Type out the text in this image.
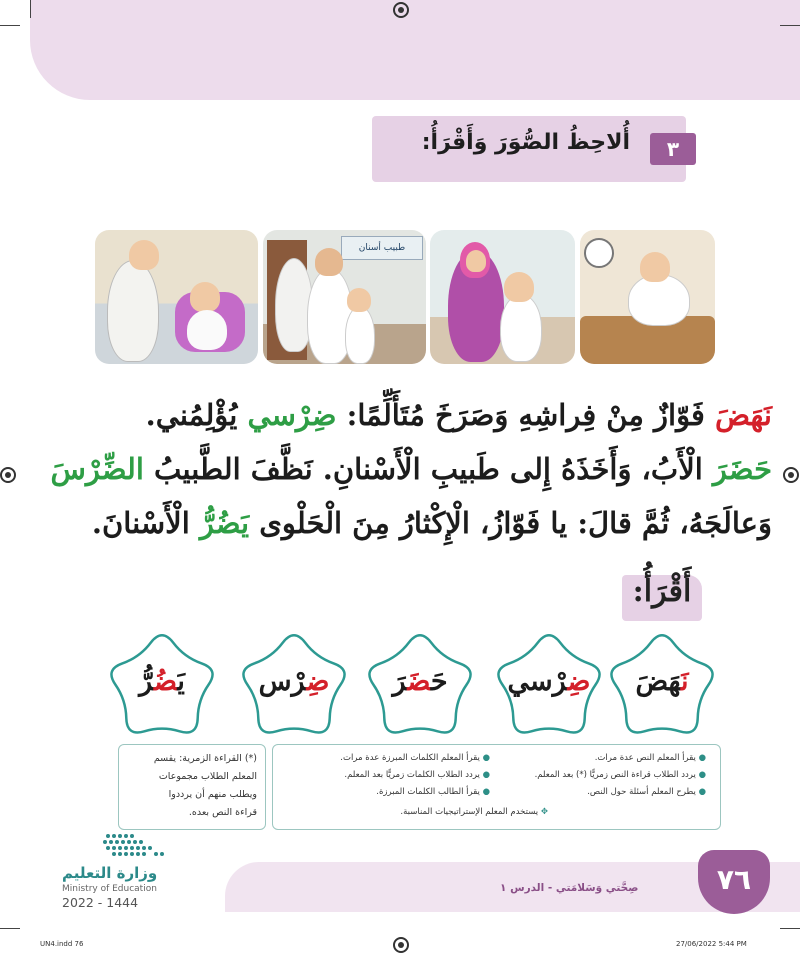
٣
أُلاحِظُ الصُّوَرَ وَأَقْرَأُ:
طبيب أسنان
نَهَضَ فَوّازٌ مِنْ فِراشِهِ وَصَرَخَ مُتَأَلِّمًا: ضِرْسي يُؤْلِمُني.
حَضَرَ الْأَبُ، وَأَخَذَهُ إِلى طَبيبِ الْأَسْنانِ. نَظَّفَ الطَّبيبُ الضِّرْسَ
وَعالَجَهُ، ثُمَّ قالَ: يا فَوّازُ، الْإِكْثارُ مِنَ الْحَلْوى يَضُرُّ الْأَسْنانَ.
أَقْرَأُ:
نَهَضَ
ضِرْسي
حَضَرَ
ضِرْس
يَضُرُّ
● يقرأ المعلم النص عدة مرات.
● يردد الطلاب قراءة النص زمريًّا (*) بعد المعلم.
● يطرح المعلم أسئلة حول النص.
● يقرأ المعلم الكلمات المبرزة عدة مرات.
● يردد الطلاب الكلمات زمريًّا بعد المعلم.
● يقرأ الطالب الكلمات المبرزة.
✥ يستخدم المعلم الإستراتيجيات المناسبة.
(*) القراءة الزمرية: يقسم
المعلم الطلاب مجموعات
ويطلب منهم أن يرددوا
قراءة النص بعده.
٧٦
صِحَّتي وَسَلامَتي - الدرس ١
وزارة التعليم
Ministry of Education
2022 - 1444
UN4.indd 76	27/06/2022 5:44 PM
